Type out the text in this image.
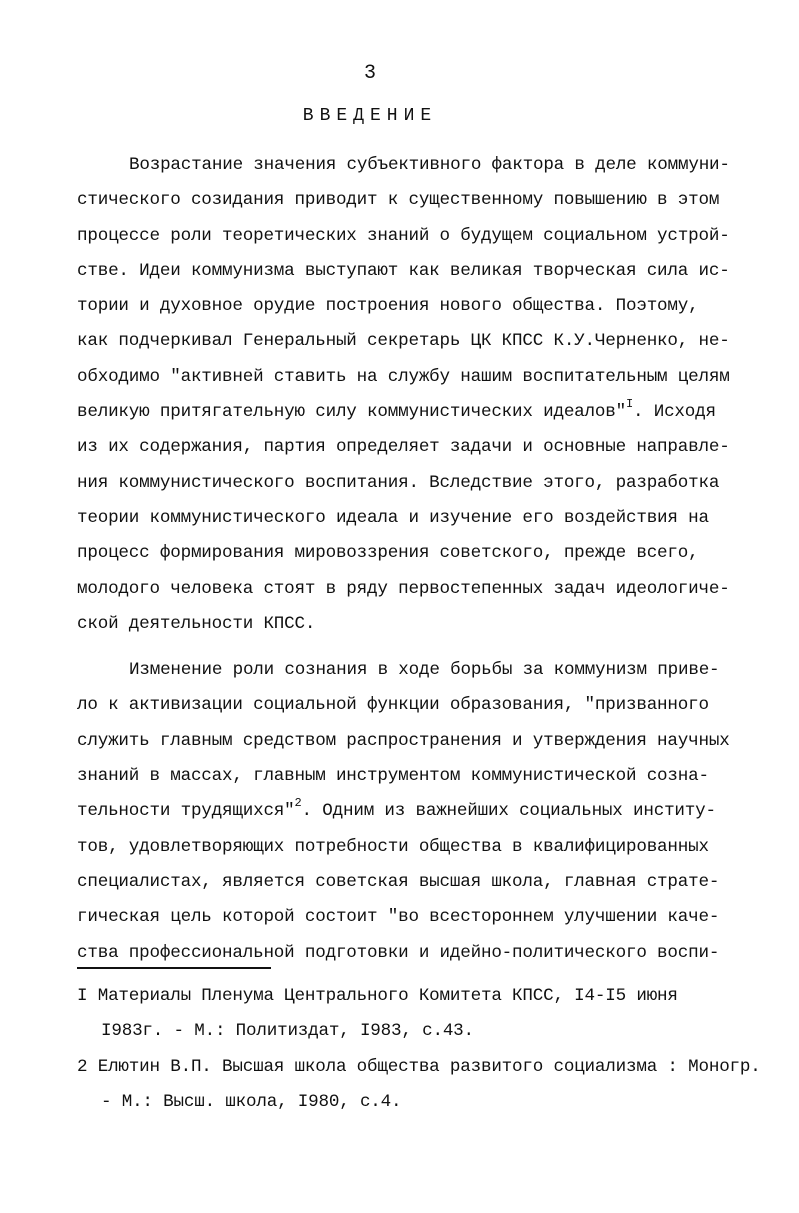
3
ВВЕДЕНИЕ
Возрастание значения субъективного фактора в деле коммуни-
стического созидания приводит к существенному повышению в этом
процессе роли теоретических знаний о будущем социальном устрой-
стве. Идеи коммунизма выступают как великая творческая сила ис-
тории и духовное орудие построения нового общества. Поэтому,
как подчеркивал Генеральный секретарь ЦК КПСС К.У.Черненко, не-
обходимо "активней ставить на службу нашим воспитательным целям
великую притягательную силу коммунистических идеалов"$^I$. Исходя
из их содержания, партия определяет задачи и основные направле-
ния коммунистического воспитания. Вследствие этого, разработка
теории коммунистического идеала и изучение его воздействия на
процесс формирования мировоззрения советского, прежде всего,
молодого человека стоят в ряду первостепенных задач идеологиче-
ской деятельности КПСС.
Изменение роли сознания в ходе борьбы за коммунизм приве-
ло к активизации социальной функции образования, "призванного
служить главным средством распространения и утверждения научных
знаний в массах, главным инструментом коммунистической созна-
тельности трудящихся"$^2$. Одним из важнейших социальных институ-
тов, удовлетворяющих потребности общества в квалифицированных
специалистах, является советская высшая школа, главная страте-
гическая цель которой состоит "во всестороннем улучшении каче-
ства профессиональной подготовки и идейно-политического воспи-
I Материалы Пленума Центрального Комитета КПСС, I4-I5 июня
I983г. - М.: Политиздат, I983, с.43.
2 Елютин В.П. Высшая школа общества развитого социализма : Моногр.
- М.: Высш. школа, I980, с.4.
